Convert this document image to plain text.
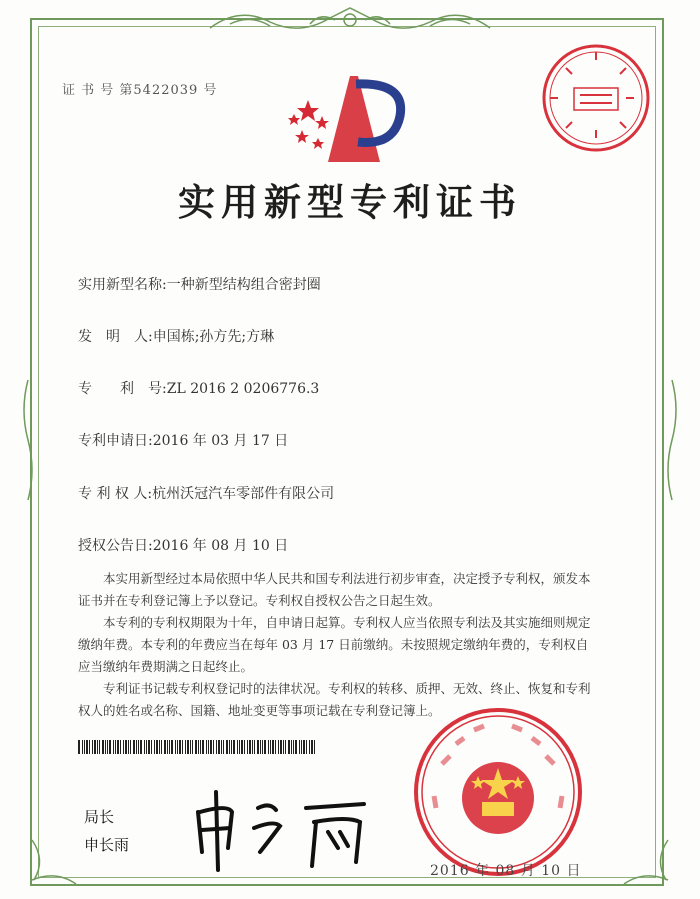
证 书 号 第5422039 号
实用新型专利证书
实用新型名称:一种新型结构组合密封圈
发　明　人:申国栋;孙方先;方琳
专　　利　号:ZL 2016 2 0206776.3
专利申请日:2016 年 03 月 17 日
专 利 权 人:杭州沃冠汽车零部件有限公司
授权公告日:2016 年 08 月 10 日

本实用新型经过本局依照中华人民共和国专利法进行初步审查，决定授予专利权，颁发本证书并在专利登记簿上予以登记。专利权自授权公告之日起生效。

本专利的专利权期限为十年，自申请日起算。专利权人应当依照专利法及其实施细则规定缴纳年费。本专利的年费应当在每年 03 月 17 日前缴纳。未按照规定缴纳年费的，专利权自应当缴纳年费期满之日起终止。

专利证书记载专利权登记时的法律状况。专利权的转移、质押、无效、终止、恢复和专利权人的姓名或名称、国籍、地址变更等事项记载在专利登记簿上。

局长
申长雨
2016 年 08 月 10 日
